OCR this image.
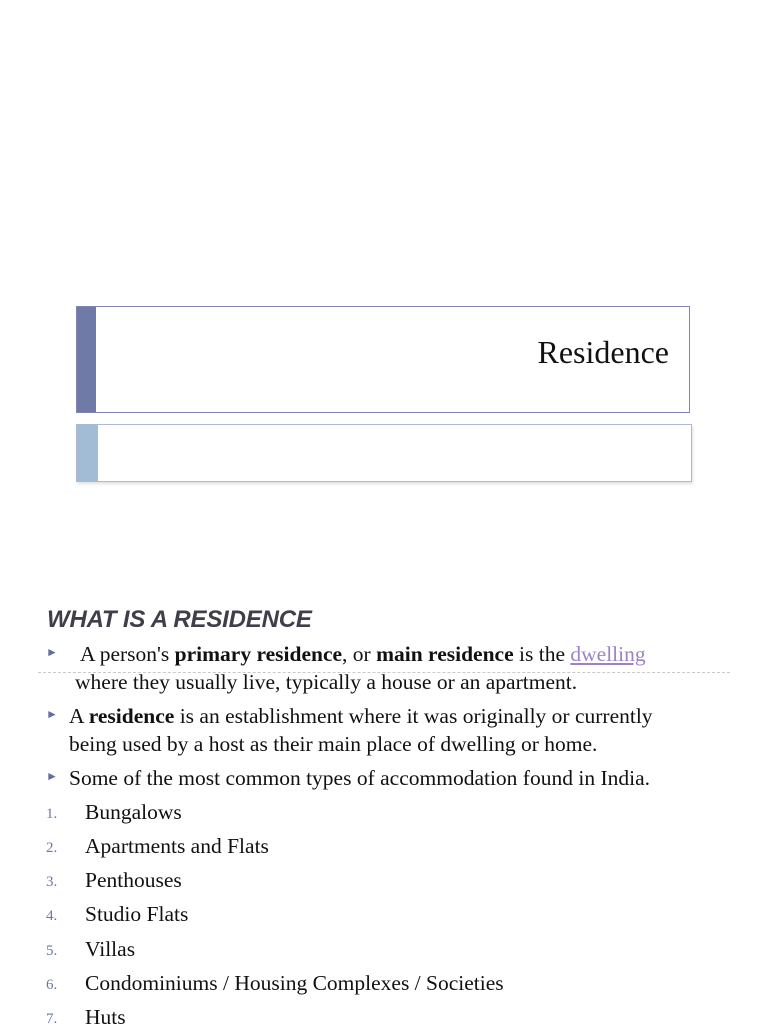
Residence
WHAT IS A RESIDENCE
► A person's primary residence, or main residence is the dwelling
where they usually live, typically a house or an apartment.
► A residence is an establishment where it was originally or currently
being used by a host as their main place of dwelling or home.
► Some of the most common types of accommodation found in India.
1. Bungalows
2. Apartments and Flats
3. Penthouses
4. Studio Flats
5. Villas
6. Condominiums / Housing Complexes / Societies
7. Huts
